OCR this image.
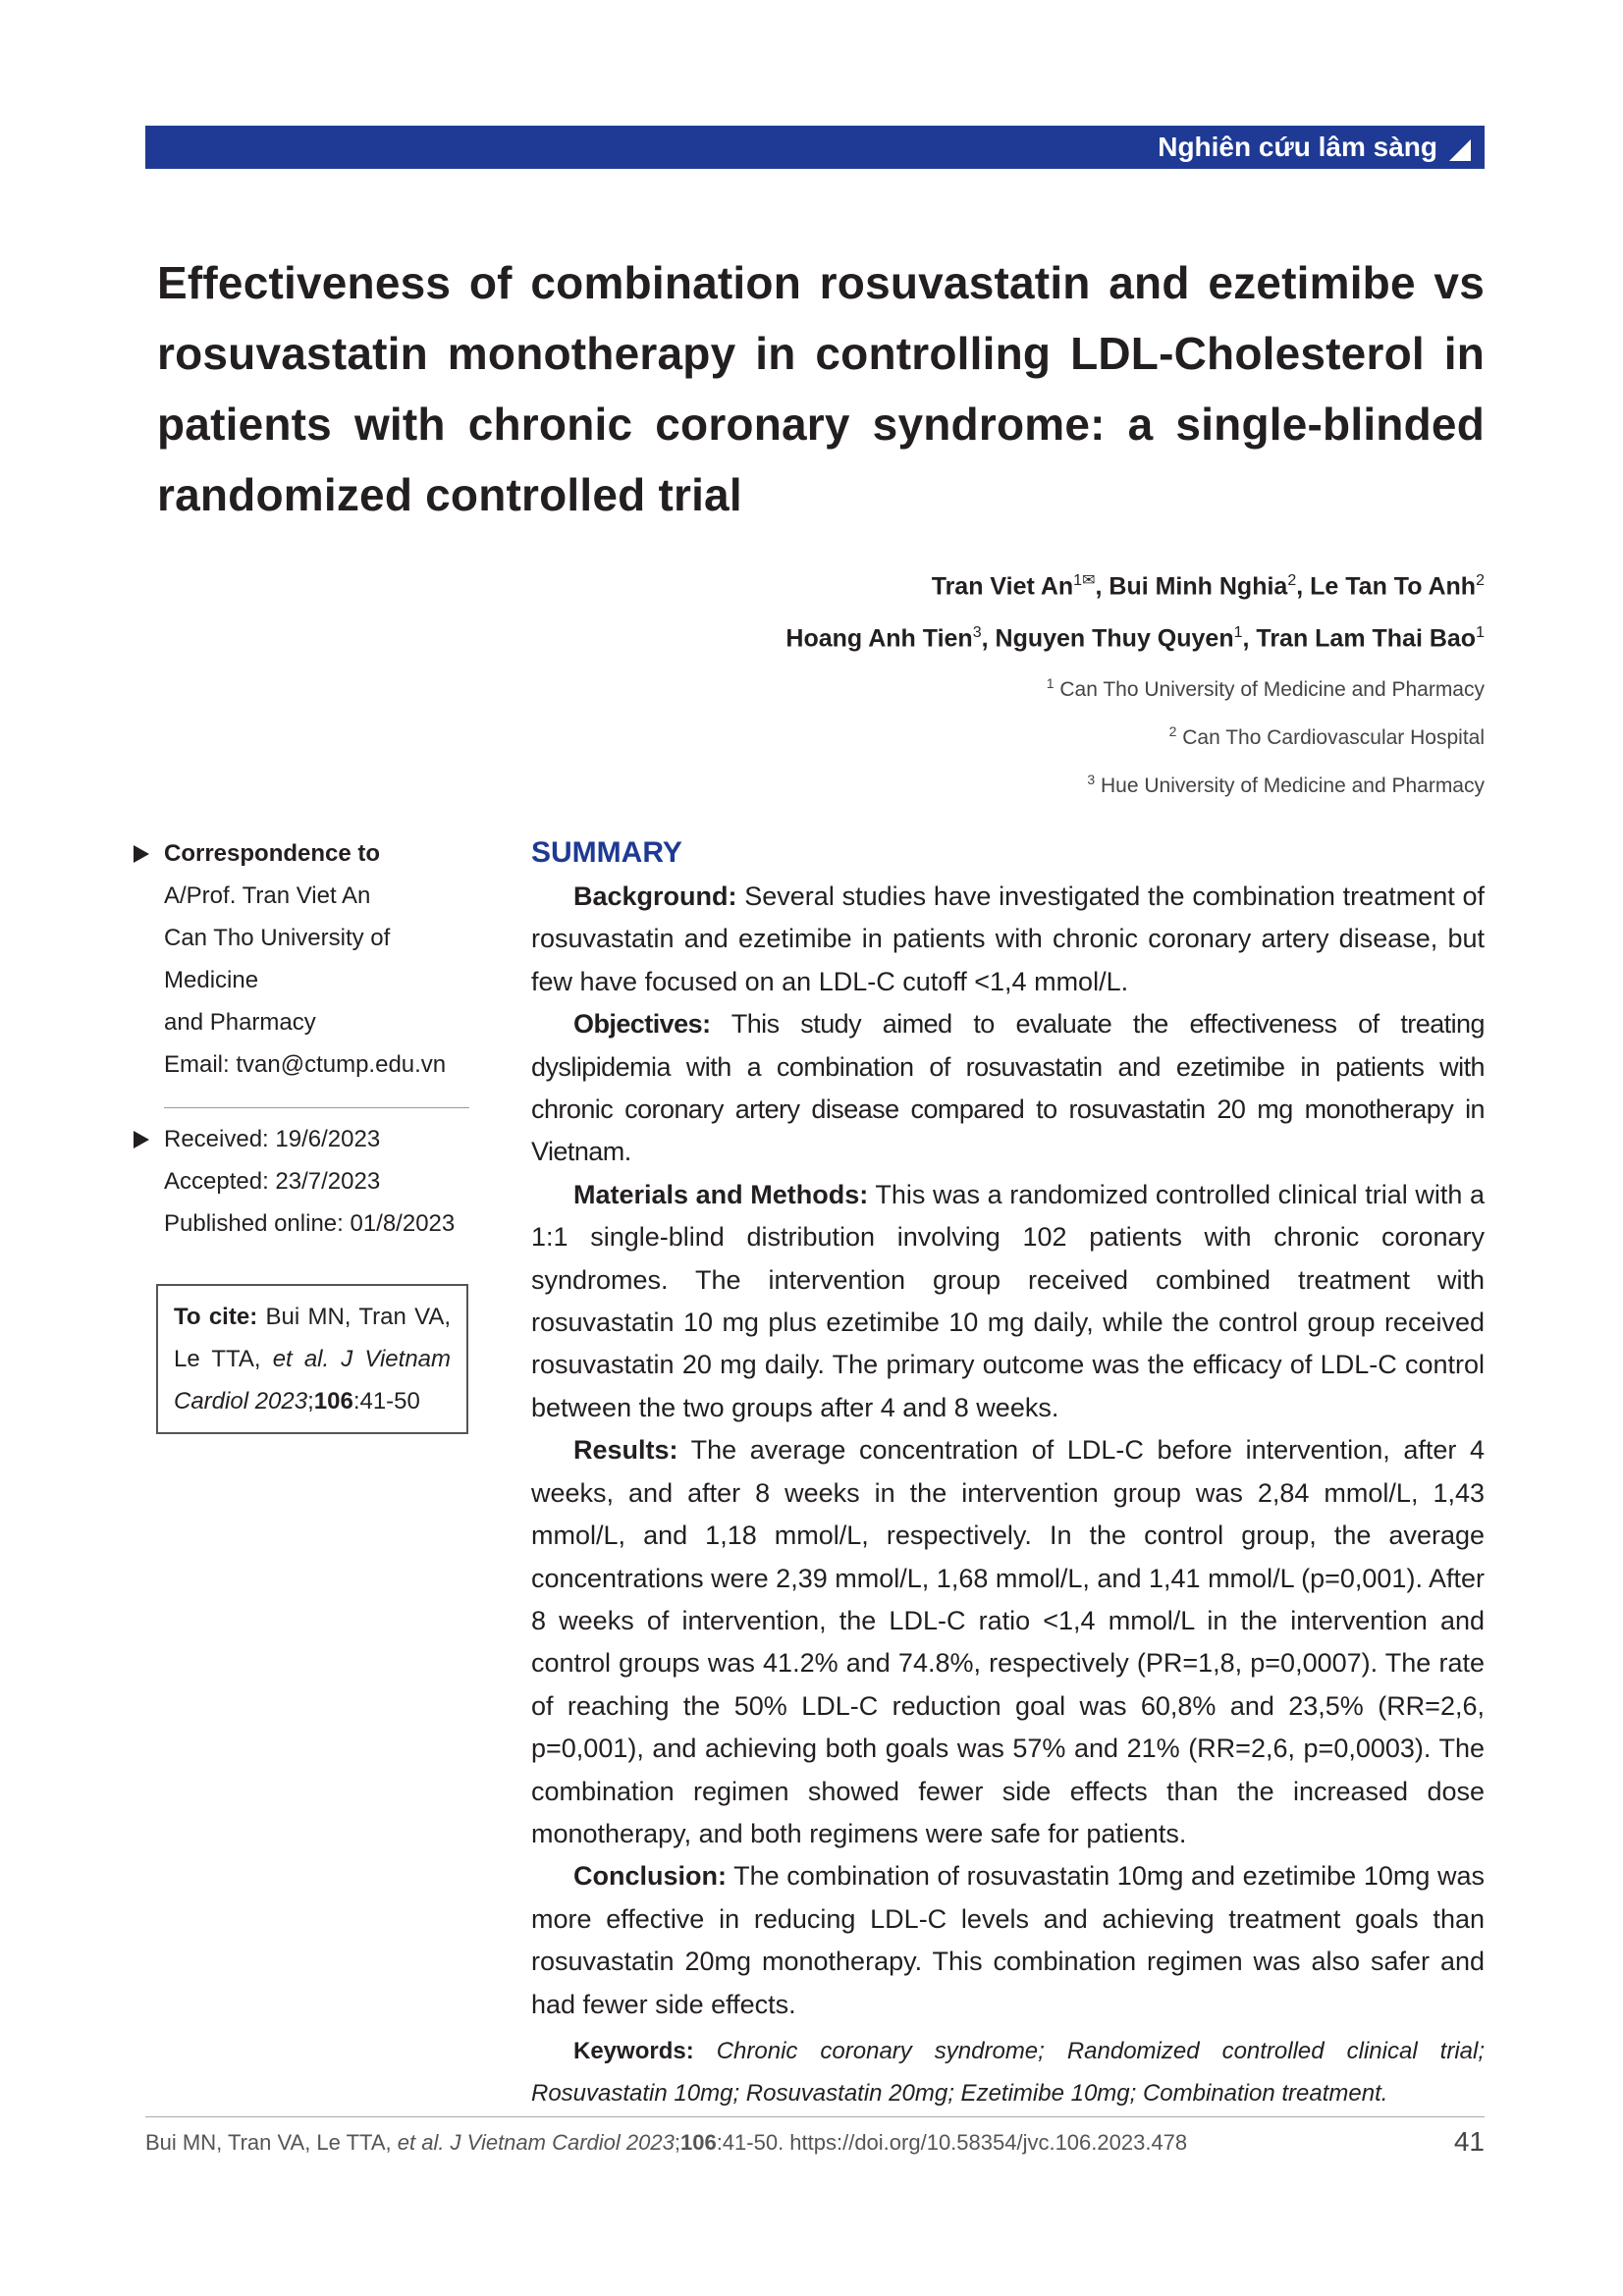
Nghiên cứu lâm sàng
Effectiveness of combination rosuvastatin and ezetimibe vs rosuvastatin monotherapy in controlling LDL-Cholesterol in patients with chronic coronary syndrome: a single-blinded randomized controlled trial
Tran Viet $An^{1✉}$, Bui Minh Nghia$^2$, Le Tan To Anh$^2$
Hoang Anh Tien$^3$, Nguyen Thuy Quyen$^1$, Tran Lam Thai Bao$^1$
$^1$ Can Tho University of Medicine and Pharmacy
$^2$ Can Tho Cardiovascular Hospital
$^3$ Hue University of Medicine and Pharmacy
Correspondence to
A/Prof. Tran Viet An
Can Tho University of Medicine
and Pharmacy
Email: tvan@ctump.edu.vn
Received: 19/6/2023
Accepted: 23/7/2023
Published online: 01/8/2023
To cite: Bui MN, Tran VA, Le TTA, et al. J Vietnam Cardiol 2023;106:41-50
SUMMARY

Background: Several studies have investigated the combination treatment of rosuvastatin and ezetimibe in patients with chronic coronary artery disease, but few have focused on an LDL-C cutoff <1,4 mmol/L.

Objectives: This study aimed to evaluate the effectiveness of treating dyslipidemia with a combination of rosuvastatin and ezetimibe in patients with chronic coronary artery disease compared to rosuvastatin 20 mg monotherapy in Vietnam.

Materials and Methods: This was a randomized controlled clinical trial with a 1:1 single-blind distribution involving 102 patients with chronic coronary syndromes. The intervention group received combined treatment with rosuvastatin 10 mg plus ezetimibe 10 mg daily, while the control group received rosuvastatin 20 mg daily. The primary outcome was the efficacy of LDL-C control between the two groups after 4 and 8 weeks.

Results: The average concentration of LDL-C before intervention, after 4 weeks, and after 8 weeks in the intervention group was 2,84 mmol/L, 1,43 mmol/L, and 1,18 mmol/L, respectively. In the control group, the average concentrations were 2,39 mmol/L, 1,68 mmol/L, and 1,41 mmol/L (p=0,001). After 8 weeks of intervention, the LDL-C ratio <1,4 mmol/L in the intervention and control groups was 41.2% and 74.8%, respectively (PR=1,8, p=0,0007). The rate of reaching the 50% LDL-C reduction goal was 60,8% and 23,5% (RR=2,6, p=0,001), and achieving both goals was 57% and 21% (RR=2,6, p=0,0003). The combination regimen showed fewer side effects than the increased dose monotherapy, and both regimens were safe for patients.

Conclusion: The combination of rosuvastatin 10mg and ezetimibe 10mg was more effective in reducing LDL-C levels and achieving treatment goals than rosuvastatin 20mg monotherapy. This combination regimen was also safer and had fewer side effects.

Keywords: Chronic coronary syndrome; Randomized controlled clinical trial; Rosuvastatin 10mg; Rosuvastatin 20mg; Ezetimibe 10mg; Combination treatment.

Bui MN, Tran VA, Le TTA, et al. J Vietnam Cardiol 2023;106:41-50. https://doi.org/10.58354/jvc.106.2023.478	41
